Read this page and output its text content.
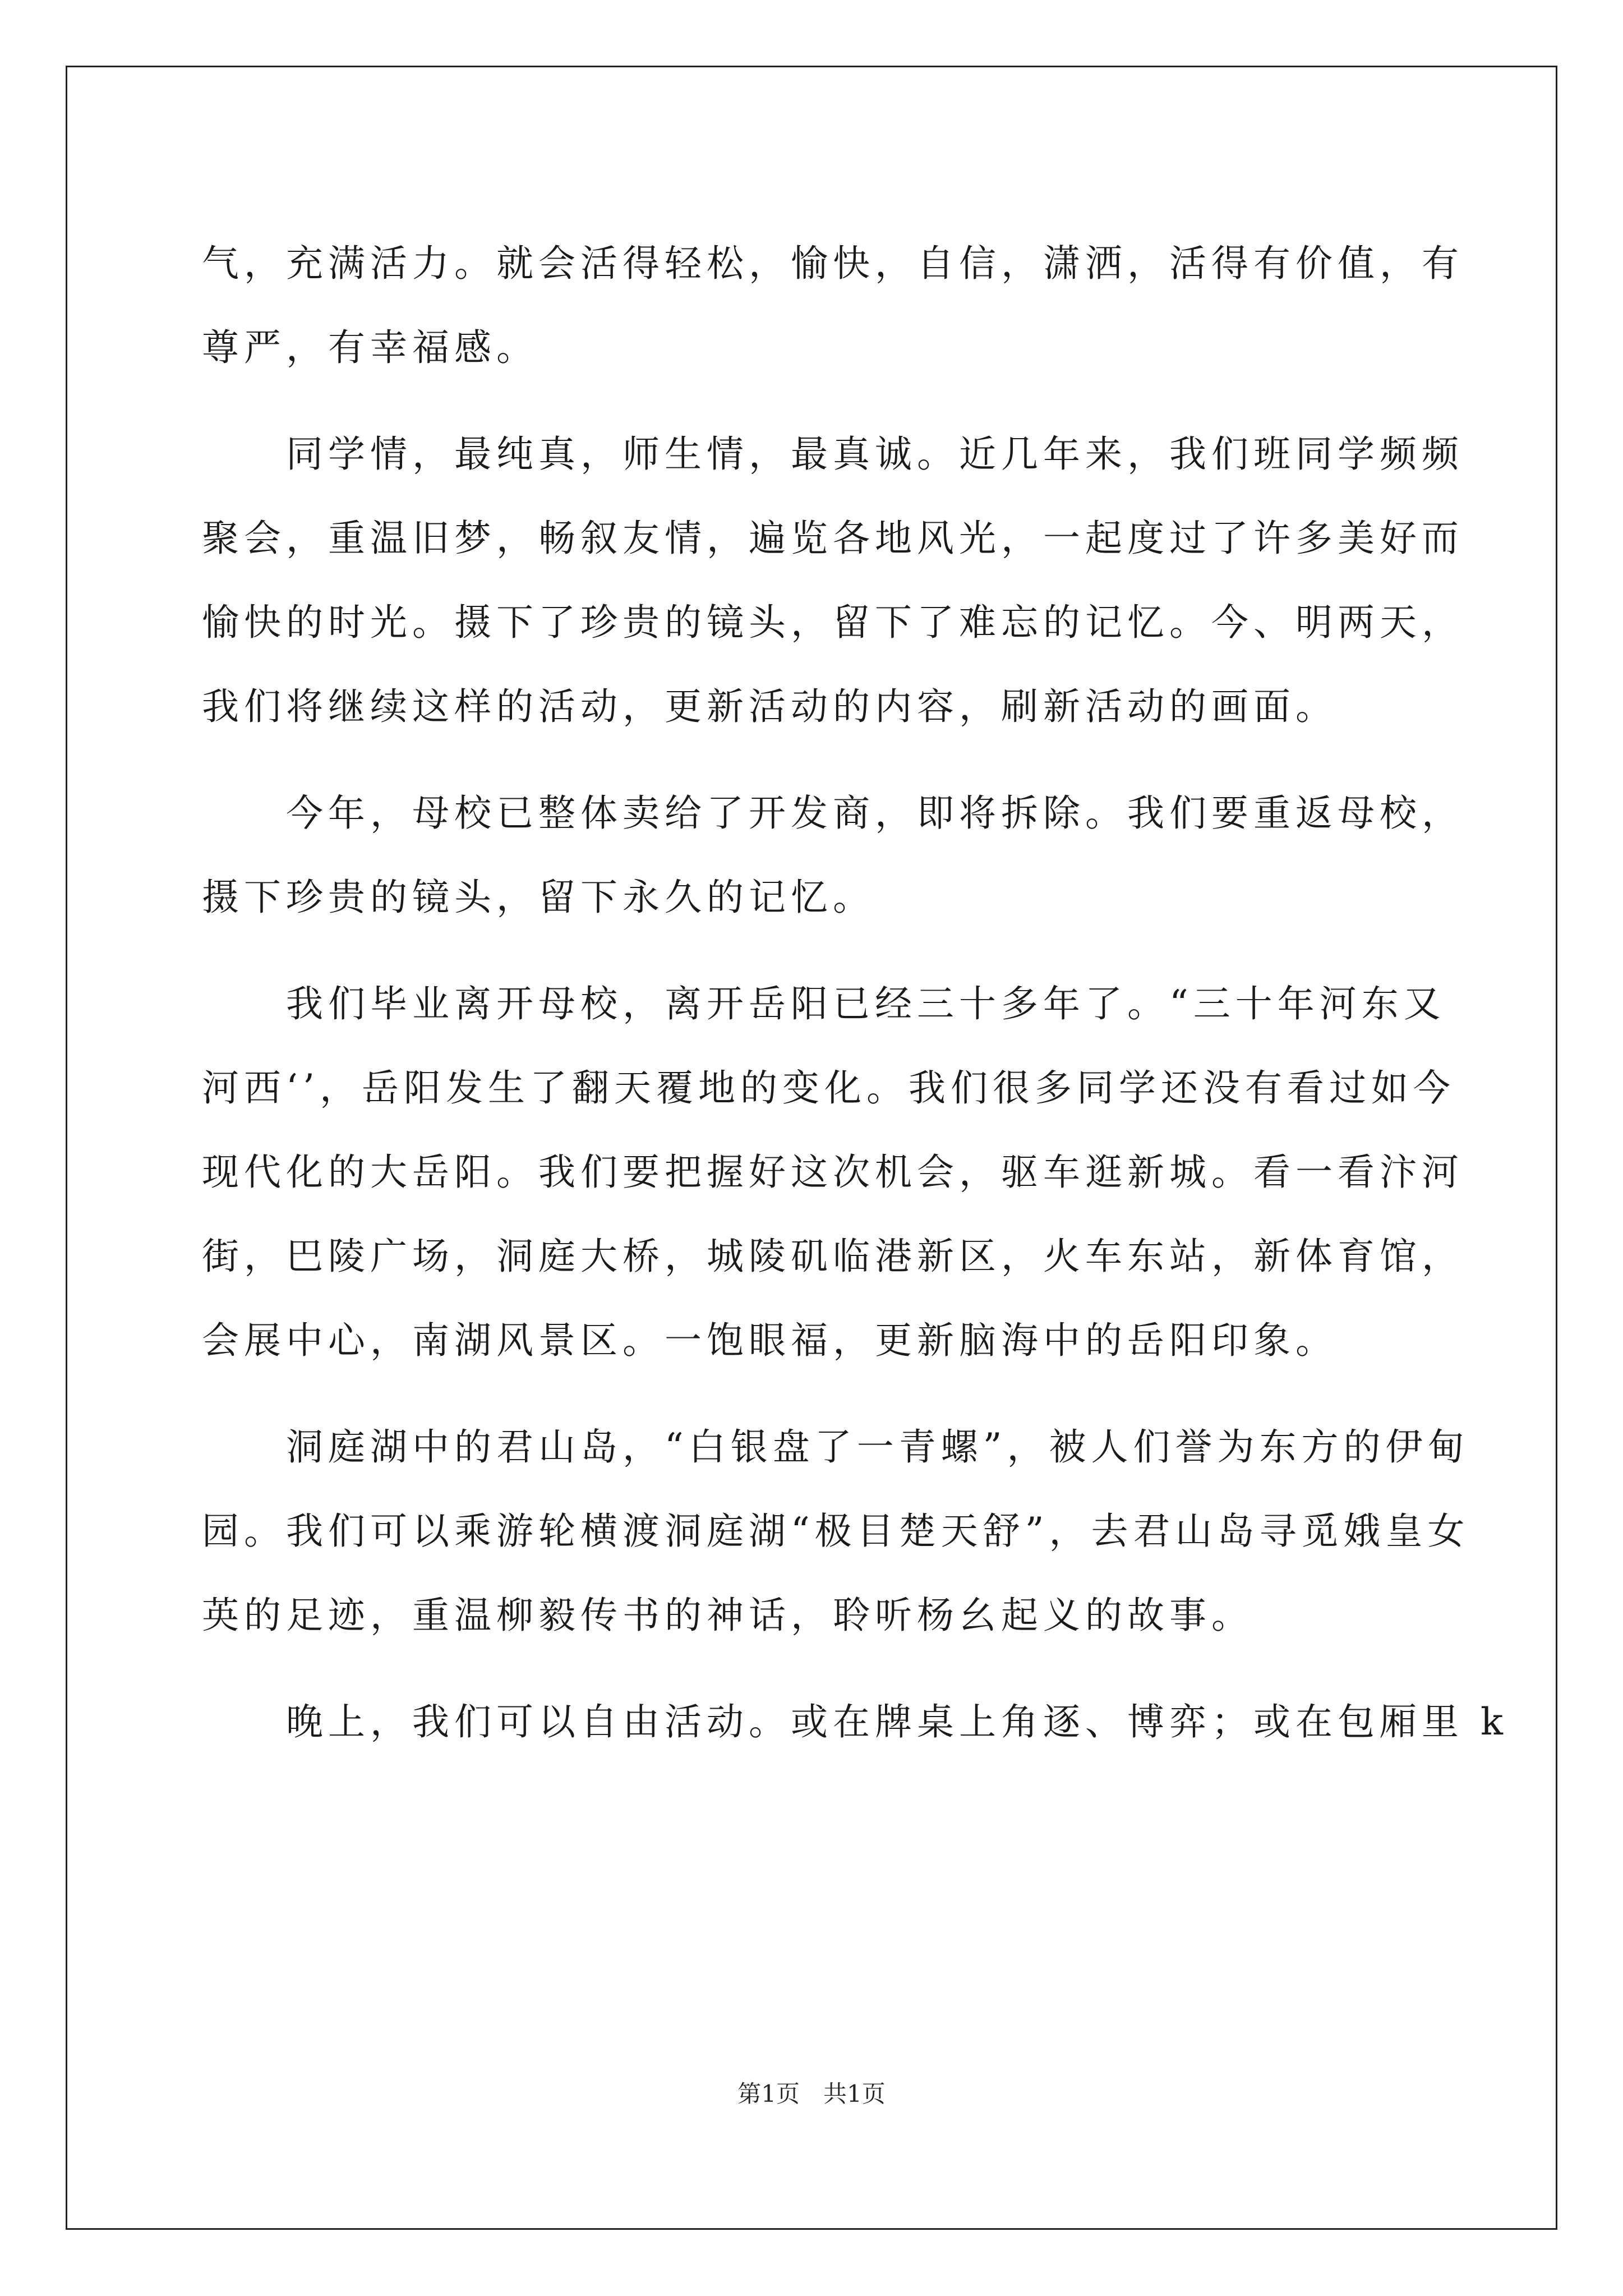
气，充满活力。就会活得轻松，愉快，自信，潇洒，活得有价值，有
尊严，有幸福感。

同学情，最纯真，师生情，最真诚。近几年来，我们班同学频频
聚会，重温旧梦，畅叙友情，遍览各地风光，一起度过了许多美好而
愉快的时光。摄下了珍贵的镜头，留下了难忘的记忆。今、明两天，
我们将继续这样的活动，更新活动的内容，刷新活动的画面。

今年，母校已整体卖给了开发商，即将拆除。我们要重返母校，
摄下珍贵的镜头，留下永久的记忆。

我们毕业离开母校，离开岳阳已经三十多年了。“三十年河东又
河西‘’，岳阳发生了翻天覆地的变化。我们很多同学还没有看过如今
现代化的大岳阳。我们要把握好这次机会，驱车逛新城。看一看汴河
街，巴陵广场，洞庭大桥，城陵矶临港新区，火车东站，新体育馆，
会展中心，南湖风景区。一饱眼福，更新脑海中的岳阳印象。

洞庭湖中的君山岛，“白银盘了一青螺”，被人们誉为东方的伊甸
园。我们可以乘游轮横渡洞庭湖“极目楚天舒”，去君山岛寻觅娥皇女
英的足迹，重温柳毅传书的神话，聆听杨幺起义的故事。

晚上，我们可以自由活动。或在牌桌上角逐、博弈；或在包厢里 k

第1页　共1页
